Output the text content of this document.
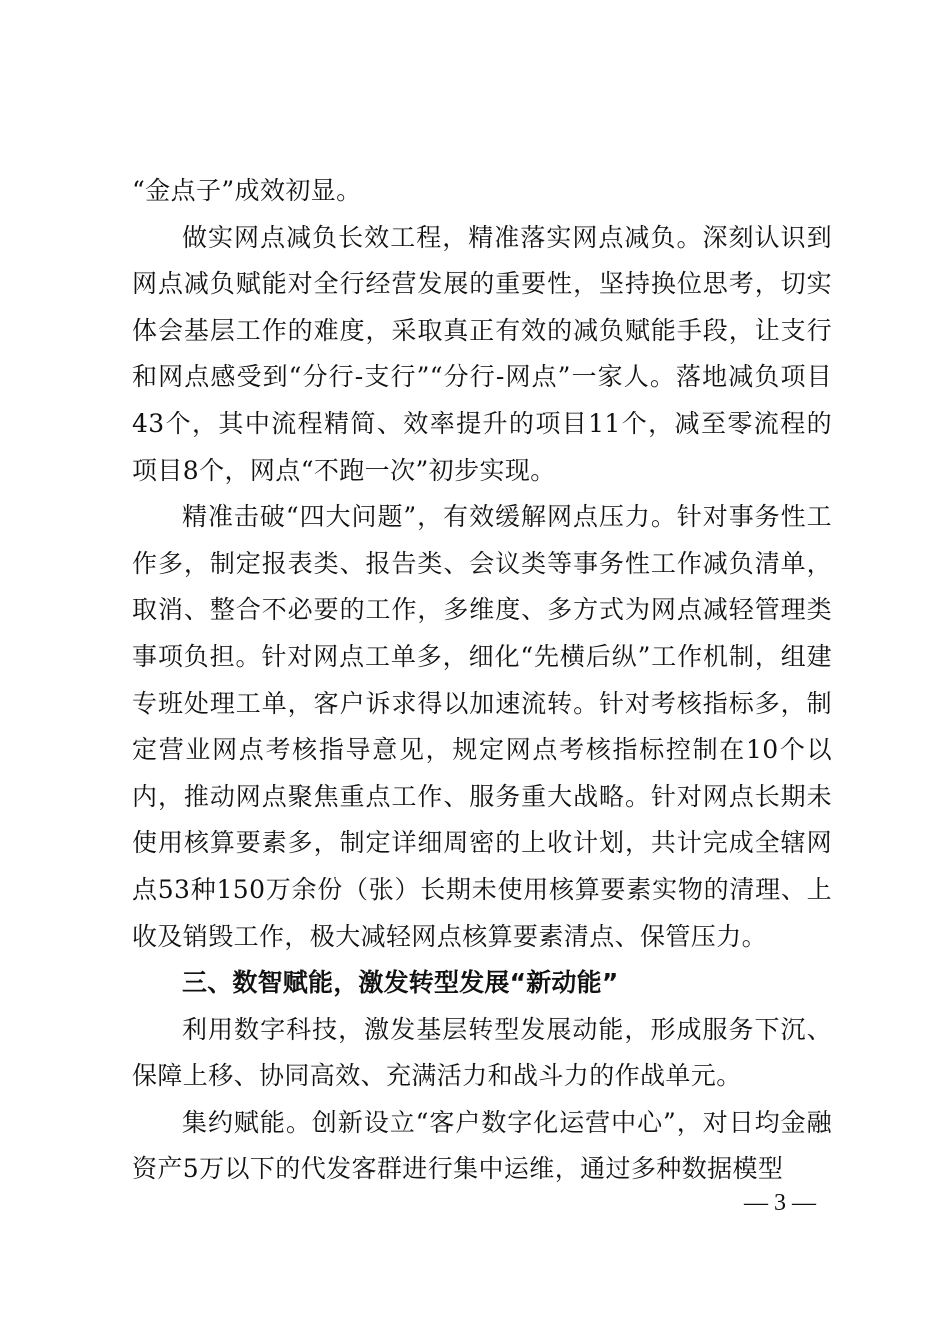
“金点子”成效初显。

做实网点减负长效工程，精准落实网点减负。深刻认识到网点减负赋能对全行经营发展的重要性，坚持换位思考，切实体会基层工作的难度，采取真正有效的减负赋能手段，让支行和网点感受到“分行-支行”“分行-网点”一家人。落地减负项目43个，其中流程精简、效率提升的项目11个，减至零流程的项目8个，网点“不跑一次”初步实现。

精准击破“四大问题”，有效缓解网点压力。针对事务性工作多，制定报表类、报告类、会议类等事务性工作减负清单，取消、整合不必要的工作，多维度、多方式为网点减轻管理类事项负担。针对网点工单多，细化“先横后纵”工作机制，组建专班处理工单，客户诉求得以加速流转。针对考核指标多，制定营业网点考核指导意见，规定网点考核指标控制在10个以内，推动网点聚焦重点工作、服务重大战略。针对网点长期未使用核算要素多，制定详细周密的上收计划，共计完成全辖网点53种150万余份（张）长期未使用核算要素实物的清理、上收及销毁工作，极大减轻网点核算要素清点、保管压力。

三、数智赋能，激发转型发展“新动能”

利用数字科技，激发基层转型发展动能，形成服务下沉、保障上移、协同高效、充满活力和战斗力的作战单元。

集约赋能。创新设立“客户数字化运营中心”，对日均金融资产5万以下的代发客群进行集中运维，通过多种数据模型

— 3 —
